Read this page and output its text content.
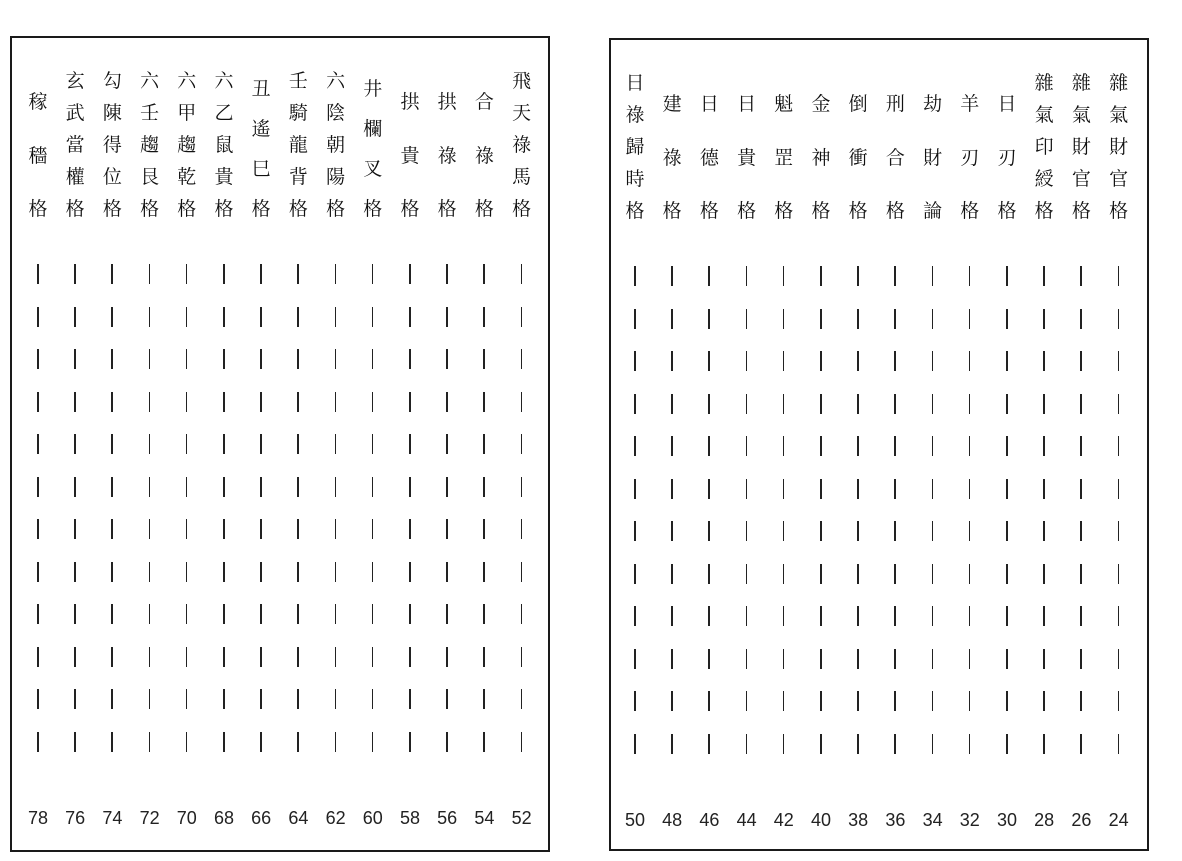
稼
穡
格
78
玄
武
當
權
格
76
勾
陳
得
位
格
74
六
壬
趨
艮
格
72
六
甲
趨
乾
格
70
六
乙
鼠
貴
格
68
丑
遙
巳
格
66
壬
騎
龍
背
格
64
六
陰
朝
陽
格
62
井
欄
叉
格
60
拱
貴
格
58
拱
祿
格
56
合
祿
格
54
飛
天
祿
馬
格
52
日
祿
歸
時
格
50
建
祿
格
48
日
德
格
46
日
貴
格
44
魁
罡
格
42
金
神
格
40
倒
衝
格
38
刑
合
格
36
劫
財
論
34
羊
刃
格
32
日
刃
格
30
雜
氣
印
綬
格
28
雜
氣
財
官
格
26
雜
氣
財
官
格
24
